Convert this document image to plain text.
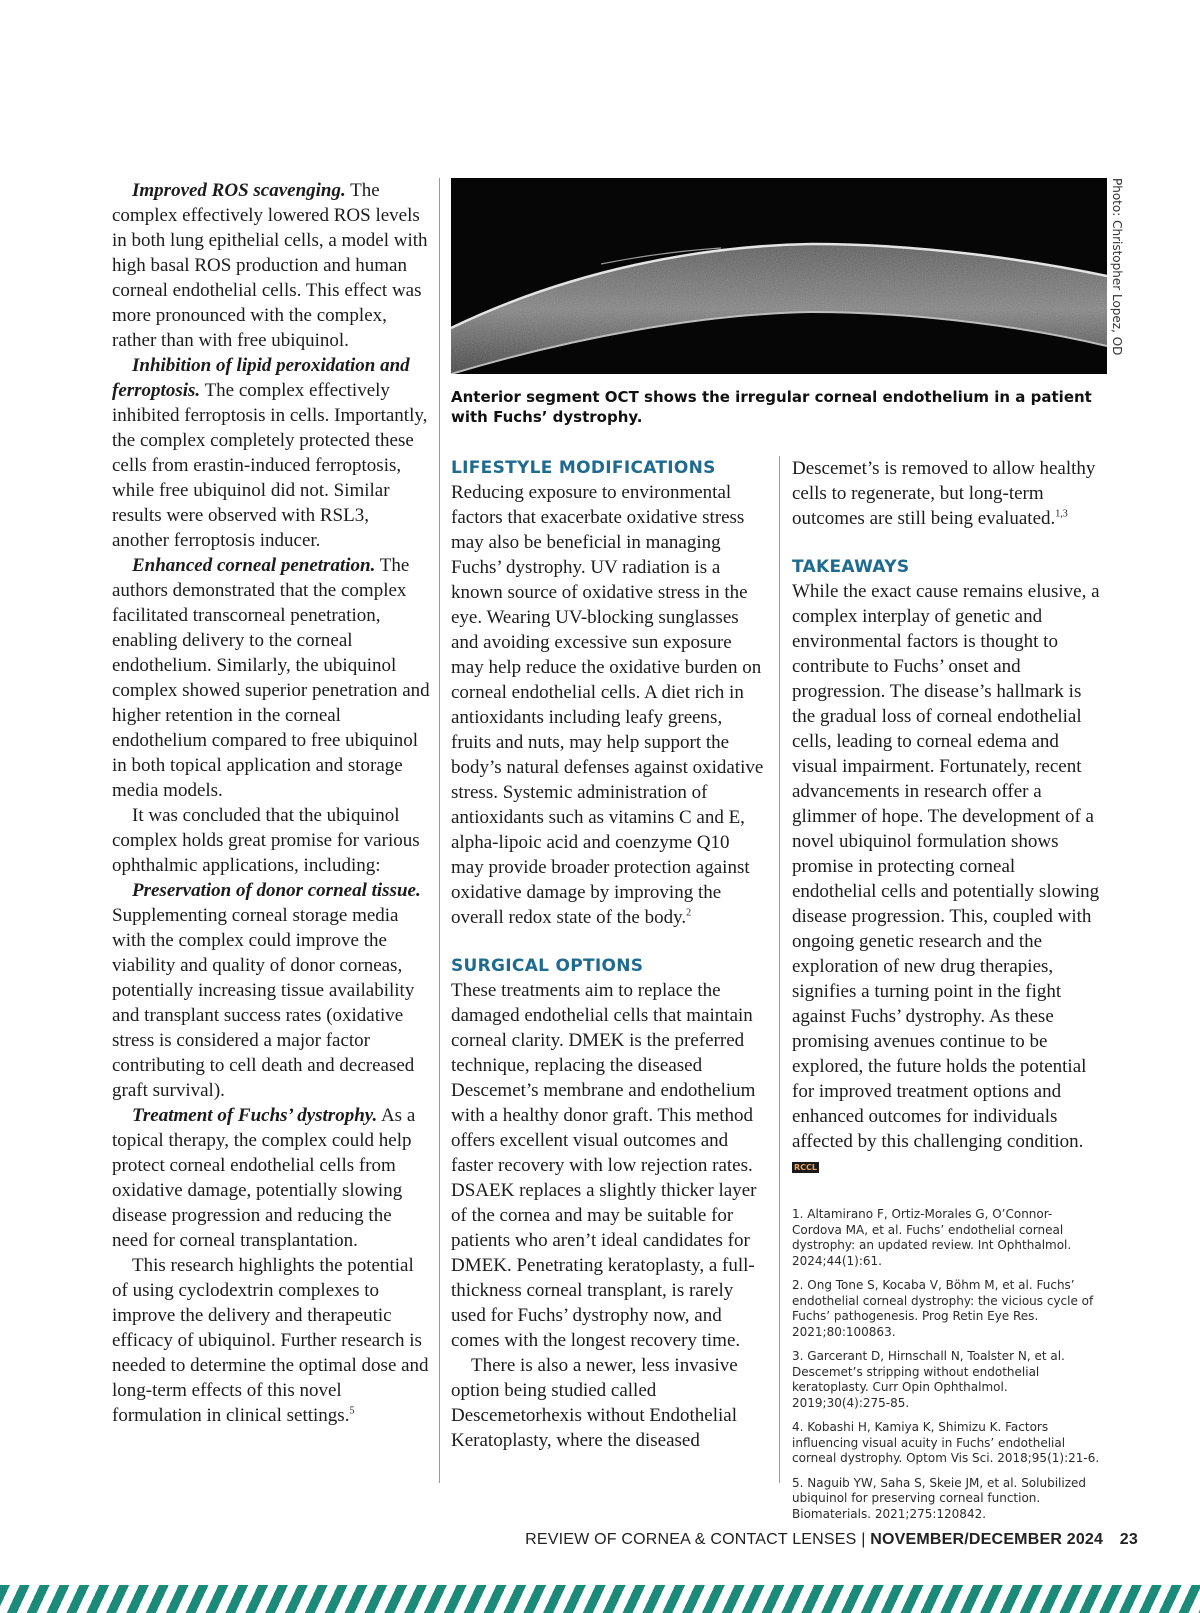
Improved ROS scavenging. The complex effectively lowered ROS levels in both lung epithelial cells, a model with high basal ROS production and human corneal endothelial cells. This effect was more pronounced with the complex, rather than with free ubiquinol.

Inhibition of lipid peroxidation and ferroptosis. The complex effectively inhibited ferroptosis in cells. Importantly, the complex completely protected these cells from erastin-induced ferroptosis, while free ubiquinol did not. Similar results were observed with RSL3, another ferroptosis inducer.

Enhanced corneal penetration. The authors demonstrated that the complex facilitated transcorneal penetration, enabling delivery to the corneal endothelium. Similarly, the ubiquinol complex showed superior penetration and higher retention in the corneal endothelium compared to free ubiquinol in both topical application and storage media models.

It was concluded that the ubiquinol complex holds great promise for various ophthalmic applications, including:

Preservation of donor corneal tissue. Supplementing corneal storage media with the complex could improve the viability and quality of donor corneas, potentially increasing tissue availability and transplant success rates (oxidative stress is considered a major factor contributing to cell death and decreased graft survival).

Treatment of Fuchs’ dystrophy. As a topical therapy, the complex could help protect corneal endothelial cells from oxidative damage, potentially slowing disease progression and reducing the need for corneal transplantation.

This research highlights the potential of using cyclodextrin complexes to improve the delivery and therapeutic efficacy of ubiquinol. Further research is needed to determine the optimal dose and long-term effects of this novel formulation in clinical settings.$^5$

Photo: Christopher Lopez, OD
Anterior segment OCT shows the irregular corneal endothelium in a patient with Fuchs’ dystrophy.
LIFESTYLE MODIFICATIONS

Reducing exposure to environmental factors that exacerbate oxidative stress may also be beneficial in managing Fuchs’ dystrophy. UV radiation is a known source of oxidative stress in the eye. Wearing UV-blocking sunglasses and avoiding excessive sun exposure may help reduce the oxidative burden on corneal endothelial cells. A diet rich in antioxidants including leafy greens, fruits and nuts, may help support the body’s natural defenses against oxidative stress. Systemic administration of antioxidants such as vitamins C and E, alpha-lipoic acid and coenzyme Q10 may provide broader protection against oxidative damage by improving the overall redox state of the body.$^2$

SURGICAL OPTIONS

These treatments aim to replace the damaged endothelial cells that maintain corneal clarity. DMEK is the preferred technique, replacing the diseased Descemet’s membrane and endothelium with a healthy donor graft. This method offers excellent visual outcomes and faster recovery with low rejection rates. DSAEK replaces a slightly thicker layer of the cornea and may be suitable for patients who aren’t ideal candidates for DMEK. Penetrating keratoplasty, a full-thickness corneal transplant, is rarely used for Fuchs’ dystrophy now, and comes with the longest recovery time.

There is also a newer, less invasive option being studied called Descemetorhexis without Endothelial Keratoplasty, where the diseased

Descemet’s is removed to allow healthy cells to regenerate, but long-term outcomes are still being evaluated.$^{1,3}$

TAKEAWAYS

While the exact cause remains elusive, a complex interplay of genetic and environmental factors is thought to contribute to Fuchs’ onset and progression. The disease’s hallmark is the gradual loss of corneal endothelial cells, leading to corneal edema and visual impairment. Fortunately, recent advancements in research offer a glimmer of hope. The development of a novel ubiquinol formulation shows promise in protecting corneal endothelial cells and potentially slowing disease progression. This, coupled with ongoing genetic research and the exploration of new drug therapies, signifies a turning point in the fight against Fuchs’ dystrophy. As these promising avenues continue to be explored, the future holds the potential for improved treatment options and enhanced outcomes for individuals affected by this challenging condition. RCCL

1. Altamirano F, Ortiz-Morales G, O’Connor-Cordova MA, et al. Fuchs’ endothelial corneal dystrophy: an updated review. Int Ophthalmol. 2024;44(1):61.

2. Ong Tone S, Kocaba V, Böhm M, et al. Fuchs’ endothelial corneal dystrophy: the vicious cycle of Fuchs’ pathogenesis. Prog Retin Eye Res. 2021;80:100863.

3. Garcerant D, Hirnschall N, Toalster N, et al. Descemet’s stripping without endothelial keratoplasty. Curr Opin Ophthalmol. 2019;30(4):275-85.

4. Kobashi H, Kamiya K, Shimizu K. Factors influencing visual acuity in Fuchs’ endothelial corneal dystrophy. Optom Vis Sci. 2018;95(1):21-6.

5. Naguib YW, Saha S, Skeie JM, et al. Solubilized ubiquinol for preserving corneal function. Biomaterials. 2021;275:120842.

REVIEW OF CORNEA & CONTACT LENSES | NOVEMBER/DECEMBER 2024 23
